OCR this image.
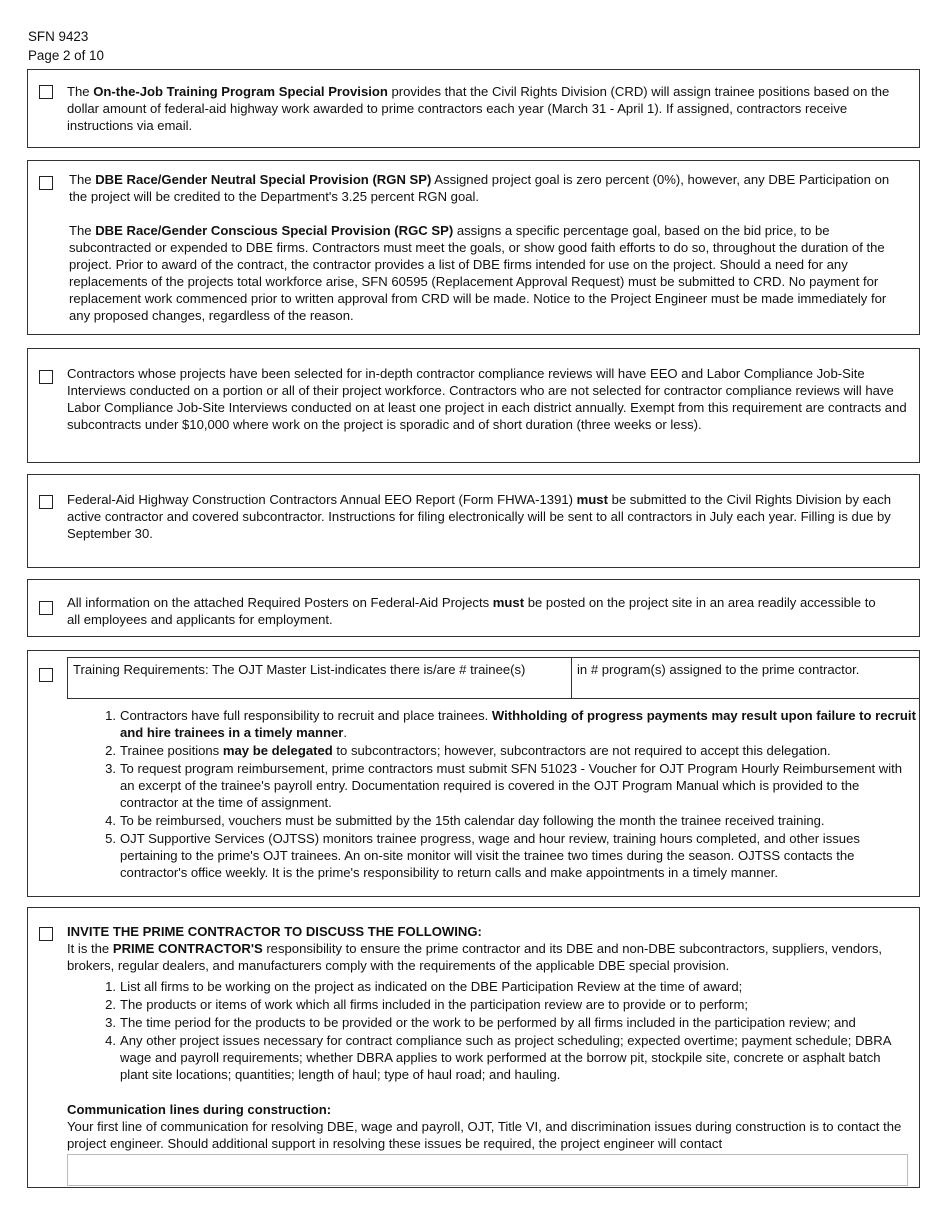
SFN 9423
Page 2 of 10
The On-the-Job Training Program Special Provision provides that the Civil Rights Division (CRD) will assign trainee positions based on the dollar amount of federal-aid highway work awarded to prime contractors each year (March 31 - April 1). If assigned, contractors receive instructions via email.

The DBE Race/Gender Neutral Special Provision (RGN SP) Assigned project goal is zero percent (0%), however, any DBE Participation on the project will be credited to the Department's 3.25 percent RGN goal.

The DBE Race/Gender Conscious Special Provision (RGC SP) assigns a specific percentage goal, based on the bid price, to be subcontracted or expended to DBE firms. Contractors must meet the goals, or show good faith efforts to do so, throughout the duration of the project. Prior to award of the contract, the contractor provides a list of DBE firms intended for use on the project. Should a need for any replacements of the projects total workforce arise, SFN 60595 (Replacement Approval Request) must be submitted to CRD. No payment for replacement work commenced prior to written approval from CRD will be made. Notice to the Project Engineer must be made immediately for any proposed changes, regardless of the reason.

Contractors whose projects have been selected for in-depth contractor compliance reviews will have EEO and Labor Compliance Job-Site Interviews conducted on a portion or all of their project workforce. Contractors who are not selected for contractor compliance reviews will have Labor Compliance Job-Site Interviews conducted on at least one project in each district annually. Exempt from this requirement are contracts and subcontracts under $10,000 where work on the project is sporadic and of short duration (three weeks or less).
Federal-Aid Highway Construction Contractors Annual EEO Report (Form FHWA-1391) must be submitted to the Civil Rights Division by each active contractor and covered subcontractor. Instructions for filing electronically will be sent to all contractors in July each year. Filling is due by September 30.
All information on the attached Required Posters on Federal-Aid Projects must be posted on the project site in an area readily accessible to all employees and applicants for employment.
Training Requirements: The OJT Master List-indicates there is/are # trainee(s)	in # program(s) assigned to the prime contractor.
1. Contractors have full responsibility to recruit and place trainees. Withholding of progress payments may result upon failure to recruit and hire trainees in a timely manner.
2. Trainee positions may be delegated to subcontractors; however, subcontractors are not required to accept this delegation.
3. To request program reimbursement, prime contractors must submit SFN 51023 - Voucher for OJT Program Hourly Reimbursement with an excerpt of the trainee's payroll entry. Documentation required is covered in the OJT Program Manual which is provided to the contractor at the time of assignment.
4. To be reimbursed, vouchers must be submitted by the 15th calendar day following the month the trainee received training.
5. OJT Supportive Services (OJTSS) monitors trainee progress, wage and hour review, training hours completed, and other issues pertaining to the prime's OJT trainees. An on-site monitor will visit the trainee two times during the season. OJTSS contacts the contractor's office weekly. It is the prime's responsibility to return calls and make appointments in a timely manner.

INVITE THE PRIME CONTRACTOR TO DISCUSS THE FOLLOWING:

It is the PRIME CONTRACTOR'S responsibility to ensure the prime contractor and its DBE and non-DBE subcontractors, suppliers, vendors, brokers, regular dealers, and manufacturers comply with the requirements of the applicable DBE special provision.

1. List all firms to be working on the project as indicated on the DBE Participation Review at the time of award;
2. The products or items of work which all firms included in the participation review are to provide or to perform;
3. The time period for the products to be provided or the work to be performed by all firms included in the participation review; and
4. Any other project issues necessary for contract compliance such as project scheduling; expected overtime; payment schedule; DBRA wage and payroll requirements; whether DBRA applies to work performed at the borrow pit, stockpile site, concrete or asphalt batch plant site locations; quantities; length of haul; type of haul road; and hauling.

Communication lines during construction:

Your first line of communication for resolving DBE, wage and payroll, OJT, Title VI, and discrimination issues during construction is to contact the project engineer. Should additional support in resolving these issues be required, the project engineer will contact
